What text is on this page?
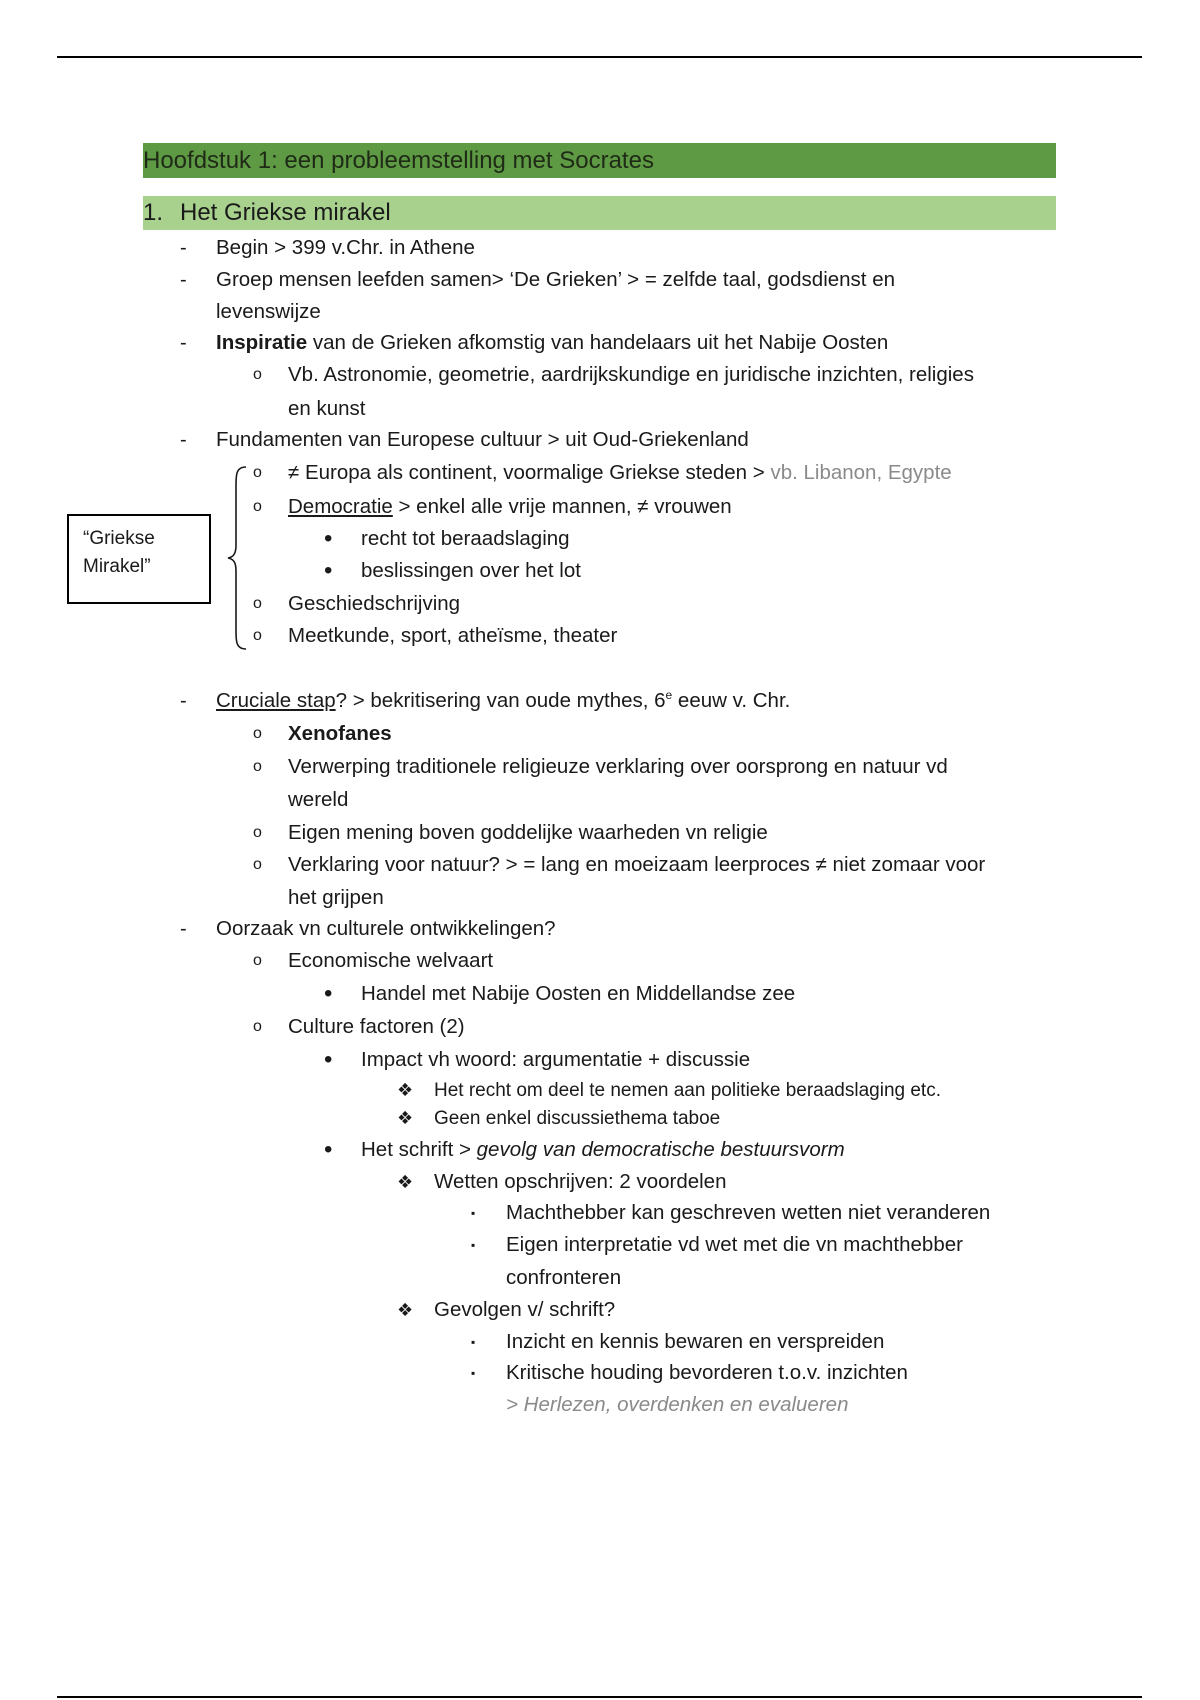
Hoofdstuk 1: een probleemstelling met Socrates
1. Het Griekse mirakel
- Begin > 399 v.Chr. in Athene
- Groep mensen leefden samen> ‘De Grieken’ > = zelfde taal, godsdienst en
levenswijze
- Inspiratie van de Grieken afkomstig van handelaars uit het Nabije Oosten
o Vb. Astronomie, geometrie, aardrijkskundige en juridische inzichten, religies
en kunst
- Fundamenten van Europese cultuur > uit Oud-Griekenland
“Griekse
Mirakel”
o ≠ Europa als continent, voormalige Griekse steden > vb. Libanon, Egypte
o Democratie > enkel alle vrije mannen, ≠ vrouwen
• recht tot beraadslaging
• beslissingen over het lot
o Geschiedschrijving
o Meetkunde, sport, atheïsme, theater
- Cruciale stap? > bekritisering van oude mythes, 6e eeuw v. Chr.
o Xenofanes
o Verwerping traditionele religieuze verklaring over oorsprong en natuur vd
wereld
o Eigen mening boven goddelijke waarheden vn religie
o Verklaring voor natuur? > = lang en moeizaam leerproces ≠ niet zomaar voor
het grijpen
- Oorzaak vn culturele ontwikkelingen?
o Economische welvaart
• Handel met Nabije Oosten en Middellandse zee
o Culture factoren (2)
• Impact vh woord: argumentatie + discussie
❖ Het recht om deel te nemen aan politieke beraadslaging etc.
❖ Geen enkel discussiethema taboe
• Het schrift > gevolg van democratische bestuursvorm
❖ Wetten opschrijven: 2 voordelen
▪ Machthebber kan geschreven wetten niet veranderen
▪ Eigen interpretatie vd wet met die vn machthebber
confronteren
❖ Gevolgen v/ schrift?
▪ Inzicht en kennis bewaren en verspreiden
▪ Kritische houding bevorderen t.o.v. inzichten
> Herlezen, overdenken en evalueren
